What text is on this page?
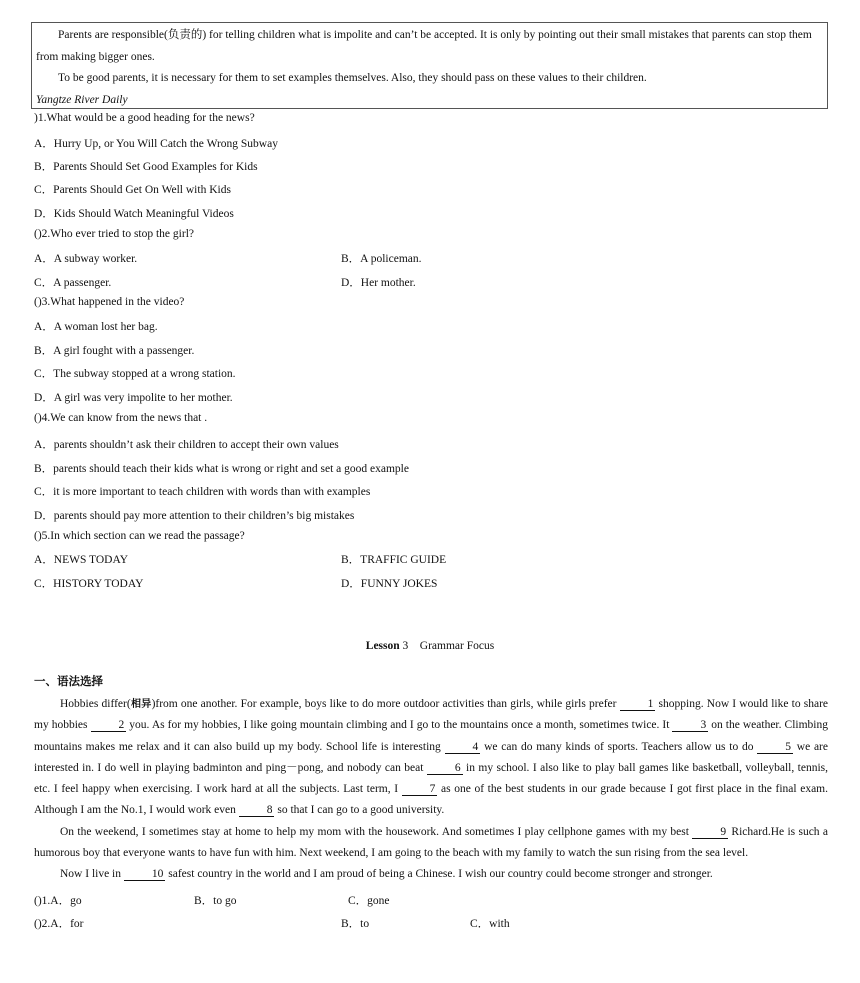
Parents are responsible(负责的) for telling children what is impolite and can’t be accepted. It is only by pointing out their small mistakes that parents can stop them from making bigger ones.

To be good parents, it is necessary for them to set examples themselves. Also, they should pass on these values to their children.

Yangtze River Daily

)1.What would be a good heading for the news?
A．Hurry Up, or You Will Catch the Wrong Subway
B．Parents Should Set Good Examples for Kids
C．Parents Should Get On Well with Kids
D．Kids Should Watch Meaningful Videos
()2.Who ever tried to stop the girl?
A．A subway worker.	B．A policeman.
C．A passenger.	D．Her mother.
()3.What happened in the video?
A．A woman lost her bag.
B．A girl fought with a passenger.
C．The subway stopped at a wrong station.
D．A girl was very impolite to her mother.
()4.We can know from the news that .
A．parents shouldn’t ask their children to accept their own values
B．parents should teach their kids what is wrong or right and set a good example
C．it is more important to teach children with words than with examples
D．parents should pay more attention to their children’s big mistakes
()5.In which section can we read the passage?
A．NEWS TODAY	B．TRAFFIC GUIDE
C．HISTORY TODAY	D．FUNNY JOKES
Lesson 3 Grammar Focus
一、语法选择

Hobbies differ(相异)from one another. For example, boys like to do more outdoor activities than girls, while girls prefer 1 shopping. Now I would like to share my hobbies 2 you. As for my hobbies, I like going mountain climbing and I go to the mountains once a month, sometimes twice. It 3 on the weather. Climbing mountains makes me relax and it can also build up my body. School life is interesting 4 we can do many kinds of sports. Teachers allow us to do 5 we are interested in. I do well in playing badminton and ping－pong, and nobody can beat 6 in my school. I also like to play ball games like basketball, volleyball, tennis, etc. I feel happy when exercising. I work hard at all the subjects. Last term, I 7 as one of the best students in our grade because I got first place in the final exam. Although I am the No.1, I would work even 8 so that I can go to a good university.

On the weekend, I sometimes stay at home to help my mom with the housework. And sometimes I play cellphone games with my best 9 Richard.He is such a humorous boy that everyone wants to have fun with him. Next weekend, I am going to the beach with my family to watch the sun rising from the sea level.

Now I live in 10 safest country in the world and I am proud of being a Chinese. I wish our country could become stronger and stronger.

()1.A．go	B．to go	C．gone
()2.A．for	B．to	C．with
